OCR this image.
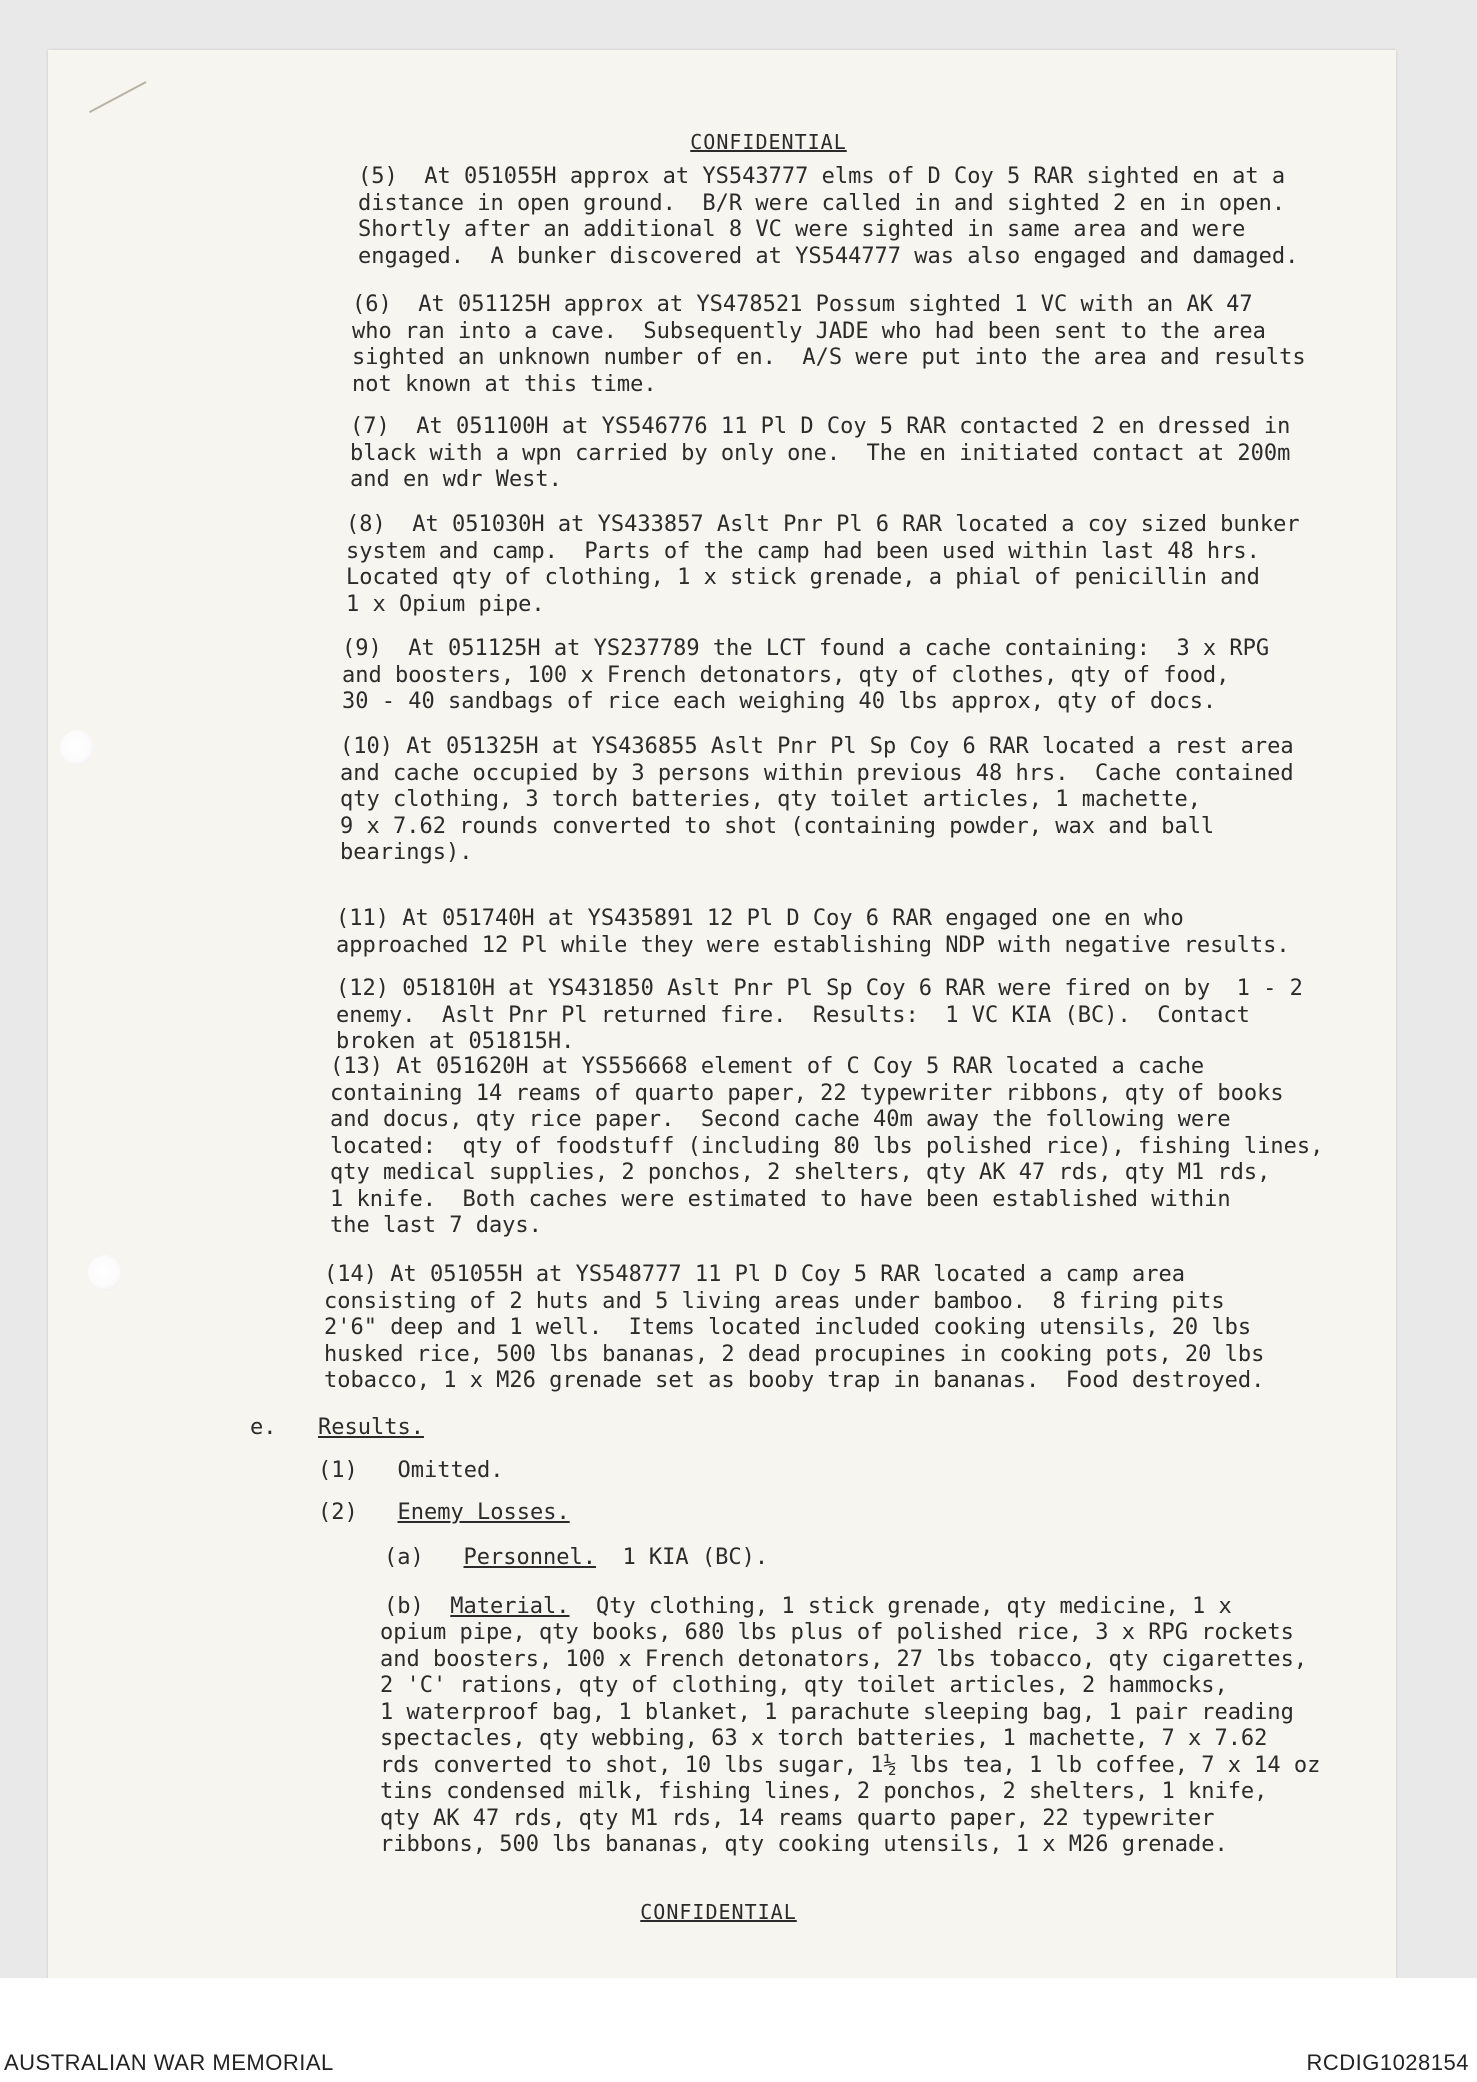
CONFIDENTIAL

(5)  At 051055H approx at YS543777 elms of D Coy 5 RAR sighted en at a

distance in open ground.  B/R were called in and sighted 2 en in open.

Shortly after an additional 8 VC were sighted in same area and were

engaged.  A bunker discovered at YS544777 was also engaged and damaged.

(6)  At 051125H approx at YS478521 Possum sighted 1 VC with an AK 47

who ran into a cave.  Subsequently JADE who had been sent to the area

sighted an unknown number of en.  A/S were put into the area and results

not known at this time.

(7)  At 051100H at YS546776 11 Pl D Coy 5 RAR contacted 2 en dressed in

black with a wpn carried by only one.  The en initiated contact at 200m

and en wdr West.

(8)  At 051030H at YS433857 Aslt Pnr Pl 6 RAR located a coy sized bunker

system and camp.  Parts of the camp had been used within last 48 hrs.

Located qty of clothing, 1 x stick grenade, a phial of penicillin and

1 x Opium pipe.

(9)  At 051125H at YS237789 the LCT found a cache containing:  3 x RPG

and boosters, 100 x French detonators, qty of clothes, qty of food,

30 - 40 sandbags of rice each weighing 40 lbs approx, qty of docs.

(10) At 051325H at YS436855 Aslt Pnr Pl Sp Coy 6 RAR located a rest area

and cache occupied by 3 persons within previous 48 hrs.  Cache contained

qty clothing, 3 torch batteries, qty toilet articles, 1 machette,

9 x 7.62 rounds converted to shot (containing powder, wax and ball

bearings).

(11) At 051740H at YS435891 12 Pl D Coy 6 RAR engaged one en who

approached 12 Pl while they were establishing NDP with negative results.

(12) 051810H at YS431850 Aslt Pnr Pl Sp Coy 6 RAR were fired on by  1 - 2

enemy.  Aslt Pnr Pl returned fire.  Results:  1 VC KIA (BC).  Contact

broken at 051815H.

(13) At 051620H at YS556668 element of C Coy 5 RAR located a cache

containing 14 reams of quarto paper, 22 typewriter ribbons, qty of books

and docus, qty rice paper.  Second cache 40m away the following were

located:  qty of foodstuff (including 80 lbs polished rice), fishing lines,

qty medical supplies, 2 ponchos, 2 shelters, qty AK 47 rds, qty M1 rds,

1 knife.  Both caches were estimated to have been established within

the last 7 days.

(14) At 051055H at YS548777 11 Pl D Coy 5 RAR located a camp area

consisting of 2 huts and 5 living areas under bamboo.  8 firing pits

2'6" deep and 1 well.  Items located included cooking utensils, 20 lbs

husked rice, 500 lbs bananas, 2 dead procupines in cooking pots, 20 lbs

tobacco, 1 x M26 grenade set as booby trap in bananas.  Food destroyed.

e. Results.
(1) Omitted.
(2) Enemy Losses.
(a) Personnel.  1 KIA (BC).
(b) Material.  Qty clothing, 1 stick grenade, qty medicine, 1 x

opium pipe, qty books, 680 lbs plus of polished rice, 3 x RPG rockets

and boosters, 100 x French detonators, 27 lbs tobacco, qty cigarettes,

2 'C' rations, qty of clothing, qty toilet articles, 2 hammocks,

1 waterproof bag, 1 blanket, 1 parachute sleeping bag, 1 pair reading

spectacles, qty webbing, 63 x torch batteries, 1 machette, 7 x 7.62

rds converted to shot, 10 lbs sugar, 1½ lbs tea, 1 lb coffee, 7 x 14 oz

tins condensed milk, fishing lines, 2 ponchos, 2 shelters, 1 knife,

qty AK 47 rds, qty M1 rds, 14 reams quarto paper, 22 typewriter

ribbons, 500 lbs bananas, qty cooking utensils, 1 x M26 grenade.

CONFIDENTIAL
AUSTRALIAN WAR MEMORIAL	RCDIG1028154
